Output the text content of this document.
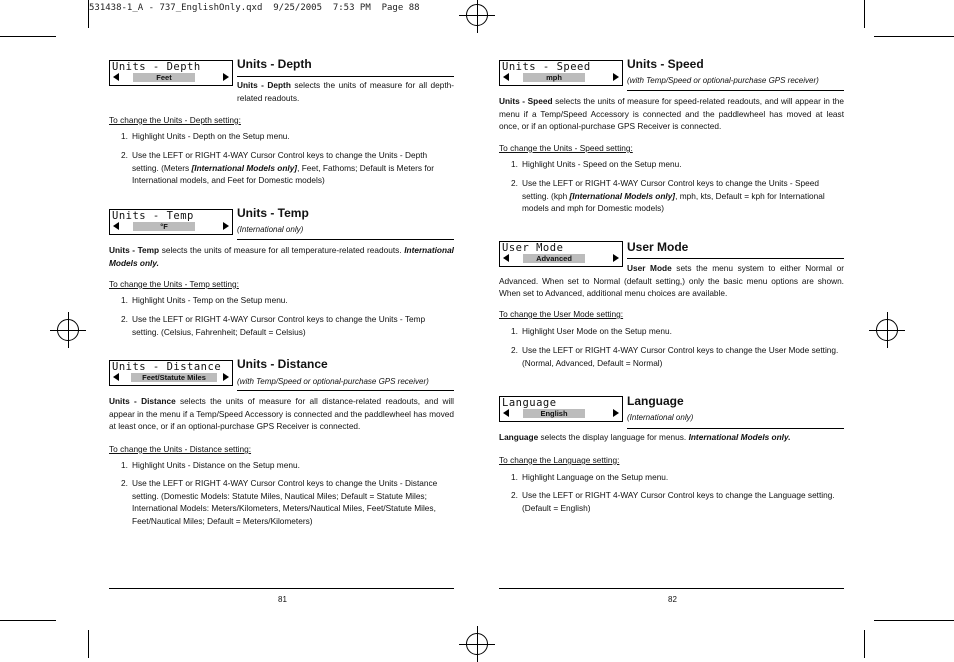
531438-1_A - 737_EnglishOnly.qxd  9/25/2005  7:53 PM  Page 88
Units - Depth
Feet
Units - Depth
Units - Depth selects the units of measure for all depth-related readouts.
To change the Units - Depth setting:
1. Highlight Units - Depth on the Setup menu.
2. Use the LEFT or RIGHT 4-WAY Cursor Control keys to change the Units - Depth setting. (Meters [International Models only], Feet, Fathoms; Default is Meters for International models, and Feet for Domestic models)
Units - Temp
°F
Units - Temp
(International only)
Units - Temp selects the units of measure for all temperature-related readouts. International Models only.
To change the Units - Temp setting:
1. Highlight Units - Temp on the Setup menu.
2. Use the LEFT or RIGHT 4-WAY Cursor Control keys to change the Units - Temp setting. (Celsius, Fahrenheit; Default = Celsius)
Units - Distance
Feet/Statute Miles
Units - Distance
(with Temp/Speed or optional-purchase GPS receiver)
Units - Distance selects the units of measure for all distance-related readouts, and will appear in the menu if a Temp/Speed Accessory is connected and the paddlewheel has moved at least once, or if an optional-purchase GPS Receiver is connected.
To change the Units - Distance setting:
1. Highlight Units - Distance on the Setup menu.
2. Use the LEFT or RIGHT 4-WAY Cursor Control keys to change the Units - Distance setting. (Domestic Models: Statute Miles, Nautical Miles; Default = Statute Miles; International Models: Meters/Kilometers, Meters/Nautical Miles, Feet/Statute Miles, Feet/Nautical Miles; Default = Meters/Kilometers)
81
Units - Speed
mph
Units - Speed
(with Temp/Speed or optional-purchase GPS receiver)
Units - Speed selects the units of measure for speed-related readouts, and will appear in the menu if a Temp/Speed Accessory is connected and the paddlewheel has moved at least once, or if an optional-purchase GPS Receiver is connected.
To change the Units - Speed setting:
1. Highlight Units - Speed on the Setup menu.
2. Use the LEFT or RIGHT 4-WAY Cursor Control keys to change the Units - Speed setting. (kph [International Models only], mph, kts, Default = kph for International models and mph for Domestic models)
User Mode
Advanced
User Mode
User Mode sets the menu system to either Normal or Advanced. When set to Normal (default setting,) only the basic menu options are shown. When set to Advanced, additional menu choices are available.
To change the User Mode setting:
1. Highlight User Mode on the Setup menu.
2. Use the LEFT or RIGHT 4-WAY Cursor Control keys to change the User Mode setting. (Normal, Advanced, Default = Normal)
Language
English
Language
(International only)
Language selects the display language for menus. International Models only.
To change the Language setting:
1. Highlight Language on the Setup menu.
2. Use the LEFT or RIGHT 4-WAY Cursor Control keys to change the Language setting. (Default = English)
82
